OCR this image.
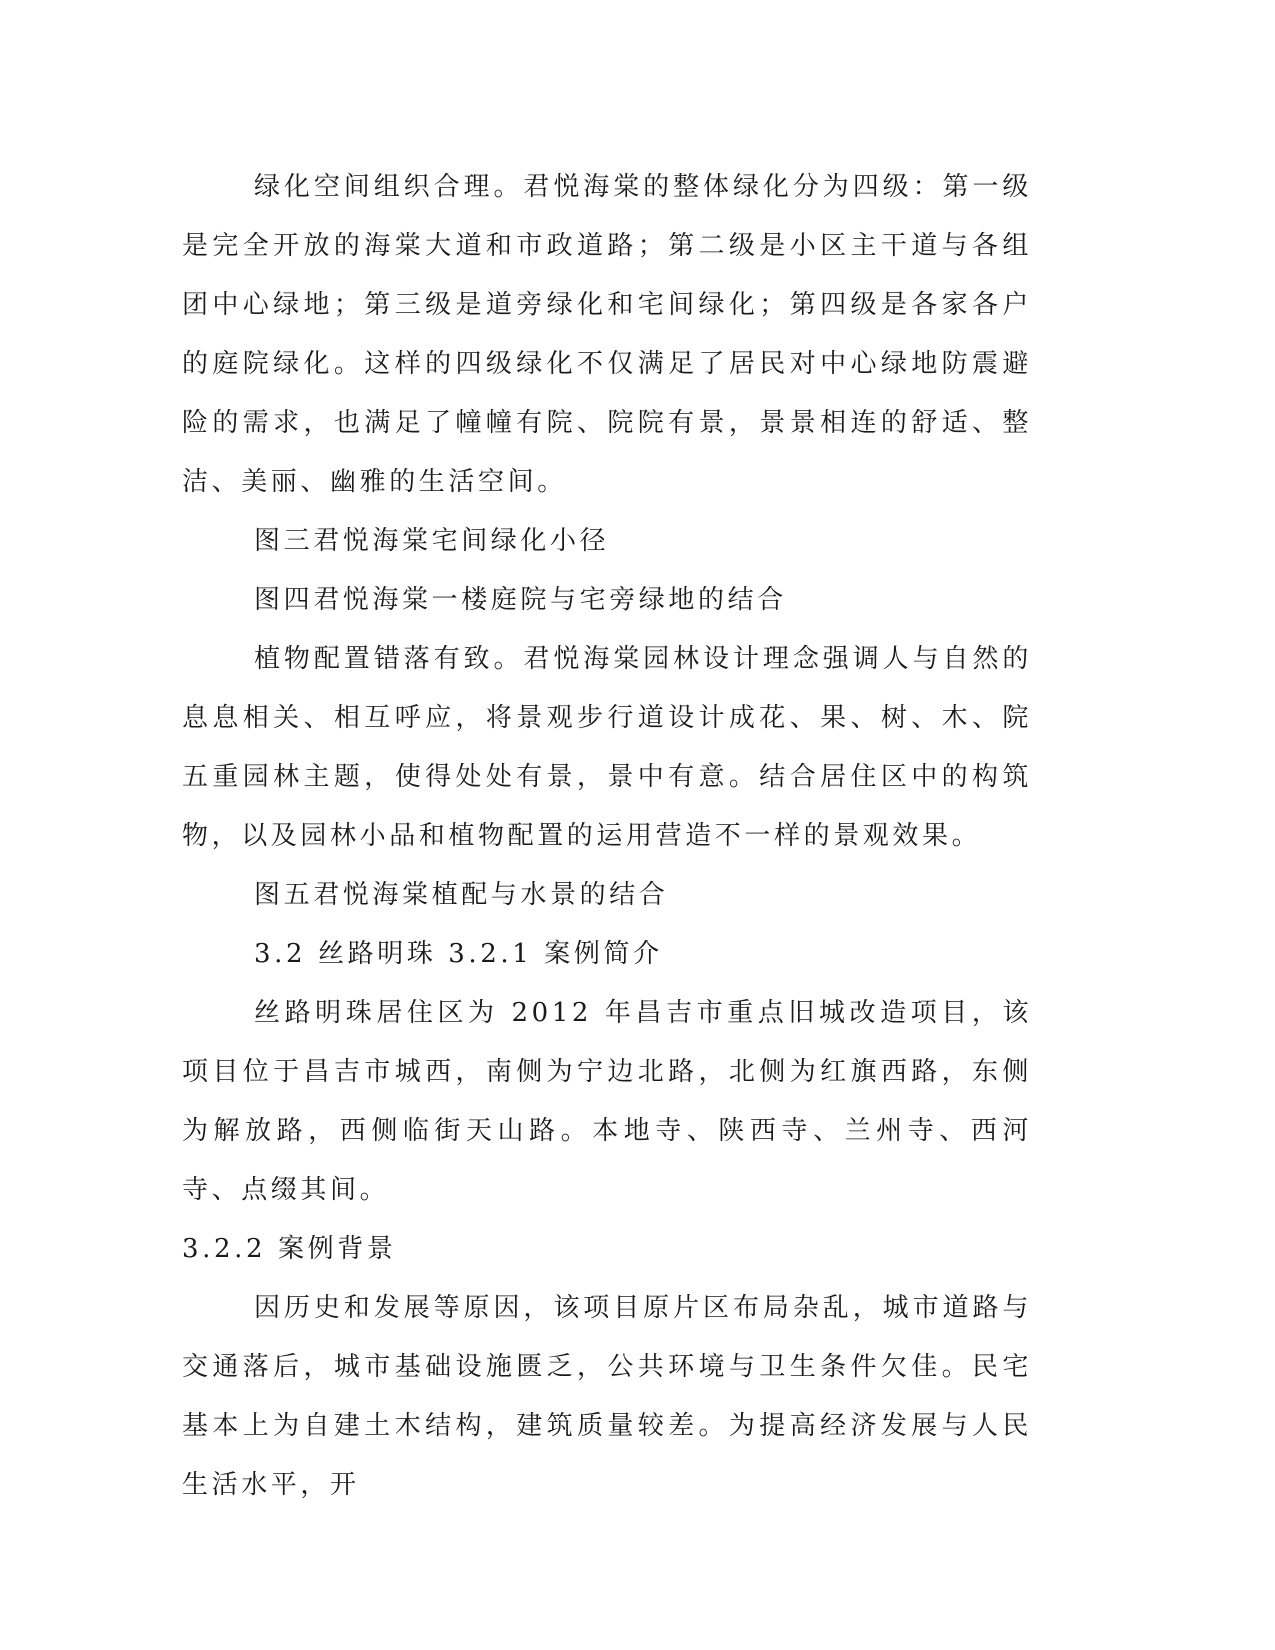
绿化空间组织合理。君悦海棠的整体绿化分为四级：第一级是完全开放的海棠大道和市政道路；第二级是小区主干道与各组团中心绿地；第三级是道旁绿化和宅间绿化；第四级是各家各户的庭院绿化。这样的四级绿化不仅满足了居民对中心绿地防震避险的需求，也满足了幢幢有院、院院有景，景景相连的舒适、整洁、美丽、幽雅的生活空间。

图三君悦海棠宅间绿化小径

图四君悦海棠一楼庭院与宅旁绿地的结合

植物配置错落有致。君悦海棠园林设计理念强调人与自然的息息相关、相互呼应，将景观步行道设计成花、果、树、木、院五重园林主题，使得处处有景，景中有意。结合居住区中的构筑物，以及园林小品和植物配置的运用营造不一样的景观效果。

图五君悦海棠植配与水景的结合

3.2 丝路明珠 3.2.1 案例简介

丝路明珠居住区为 2012 年昌吉市重点旧城改造项目，该项目位于昌吉市城西，南侧为宁边北路，北侧为红旗西路，东侧为解放路，西侧临街天山路。本地寺、陕西寺、兰州寺、西河寺、点缀其间。

3.2.2 案例背景

因历史和发展等原因，该项目原片区布局杂乱，城市道路与交通落后，城市基础设施匮乏，公共环境与卫生条件欠佳。民宅基本上为自建土木结构，建筑质量较差。为提高经济发展与人民生活水平，开
